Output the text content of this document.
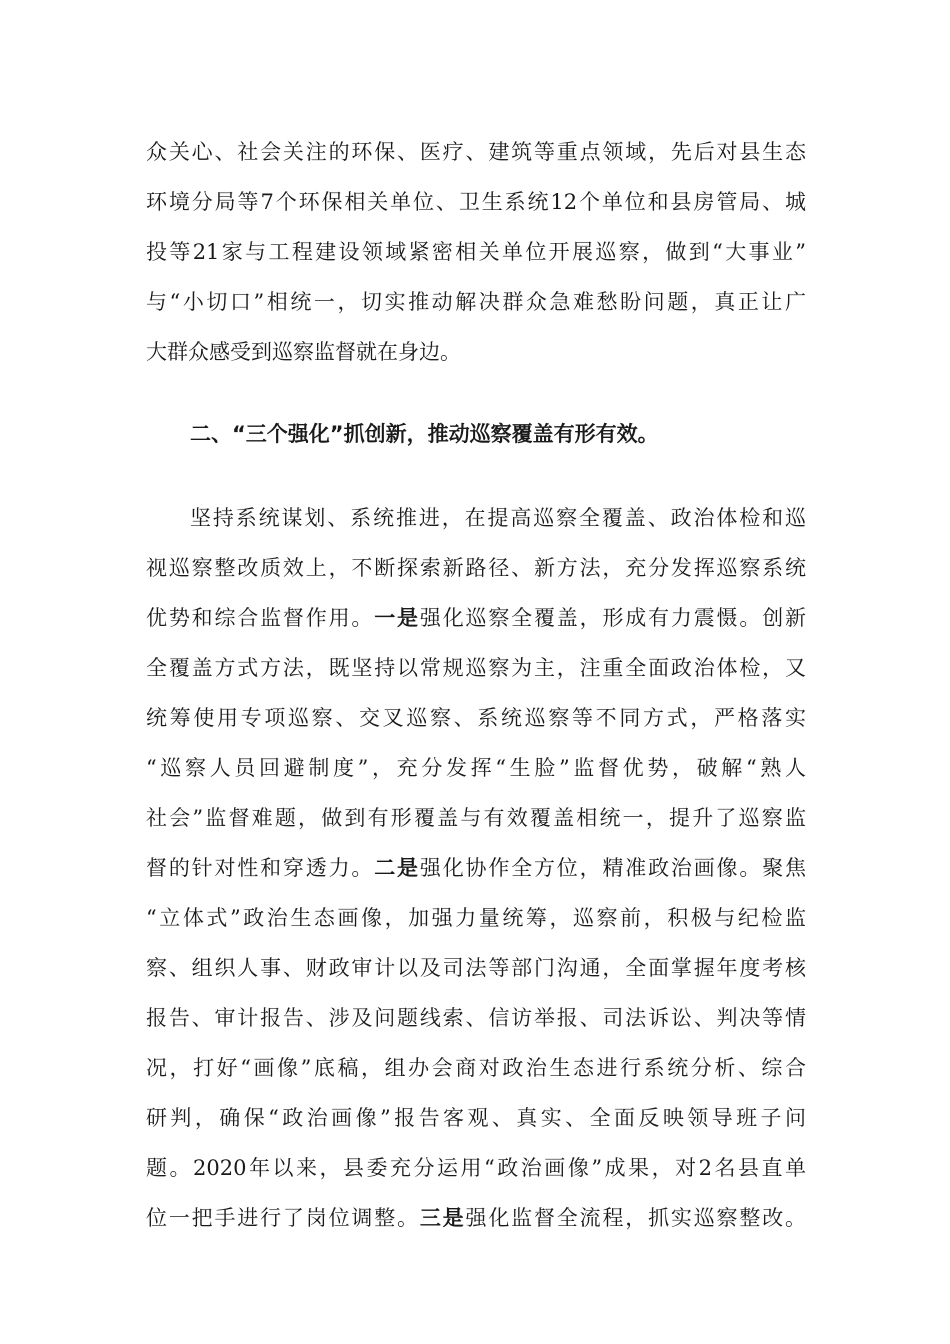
众关心、社会关注的环保、医疗、建筑等重点领域，先后对县生态
环境分局等7个环保相关单位、卫生系统12个单位和县房管局、城
投等21家与工程建设领域紧密相关单位开展巡察，做到“大事业”
与“小切口”相统一，切实推动解决群众急难愁盼问题，真正让广
大群众感受到巡察监督就在身边。
二、“三个强化”抓创新，推动巡察覆盖有形有效。
坚持系统谋划、系统推进，在提高巡察全覆盖、政治体检和巡
视巡察整改质效上，不断探索新路径、新方法，充分发挥巡察系统
优势和综合监督作用。一是强化巡察全覆盖，形成有力震慑。创新
全覆盖方式方法，既坚持以常规巡察为主，注重全面政治体检，又
统筹使用专项巡察、交叉巡察、系统巡察等不同方式，严格落实
“巡察人员回避制度”，充分发挥“生脸”监督优势，破解“熟人
社会”监督难题，做到有形覆盖与有效覆盖相统一，提升了巡察监
督的针对性和穿透力。二是强化协作全方位，精准政治画像。聚焦
“立体式”政治生态画像，加强力量统筹，巡察前，积极与纪检监
察、组织人事、财政审计以及司法等部门沟通，全面掌握年度考核
报告、审计报告、涉及问题线索、信访举报、司法诉讼、判决等情
况，打好“画像”底稿，组办会商对政治生态进行系统分析、综合
研判，确保“政治画像”报告客观、真实、全面反映领导班子问
题。2020年以来，县委充分运用“政治画像”成果，对2名县直单
位一把手进行了岗位调整。三是强化监督全流程，抓实巡察整改。
